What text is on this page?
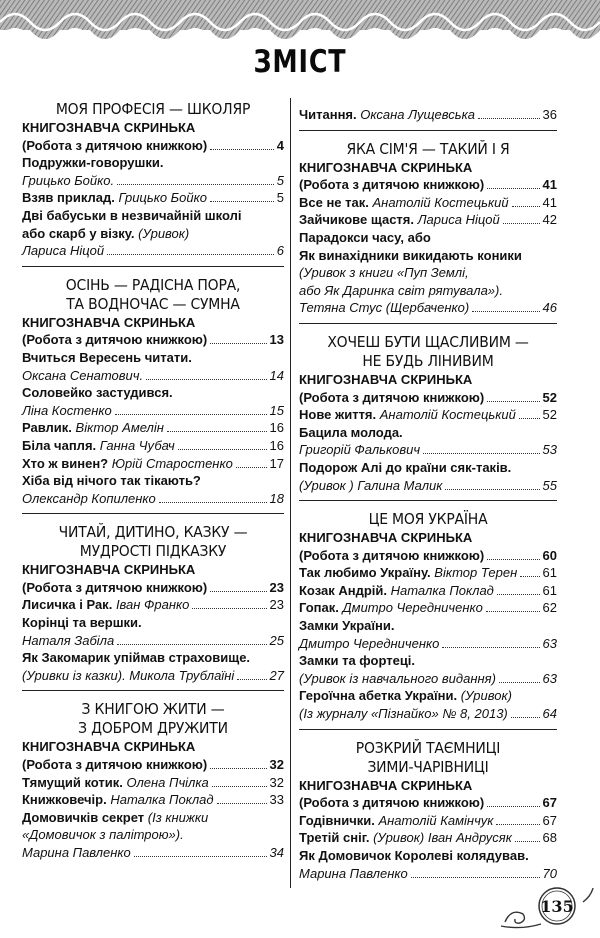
ЗМІСТ
МОЯ ПРОФЕСІЯ — ШКОЛЯР
КНИГОЗНАВЧА СКРИНЬКА
(Робота з дитячою книжкою)	4
Подружки-говорушки.
Грицько Бойко.	5
Взяв приклад.
Грицько Бойко	5
Дві бабуськи в незвичайній школі
або скарб у візку.
(Уривок)
Лариса Ніцой	6
ОСІНЬ — РАДІСНА ПОРА,
ТА ВОДНОЧАС — СУМНА
КНИГОЗНАВЧА СКРИНЬКА
(Робота з дитячою книжкою)	13
Вчиться Вересень читати.
Оксана Сенатович.	14
Соловейко застудився.
Ліна Костенко	15
Равлик.
Віктор Амелін	16
Біла чапля.
Ганна Чубач	16
Хто ж винен?
Юрій Старостенко	17
Хіба від нічого так тікають?
Олександр Копиленко	18
ЧИТАЙ, ДИТИНО, КАЗКУ —
МУДРОСТІ ПІДКАЗКУ
КНИГОЗНАВЧА СКРИНЬКА
(Робота з дитячою книжкою)	23
Лисичка і Рак.
Іван Франко	23
Корінці та вершки.
Наталя Забіла	25
Як Закомарик упіймав страховище.
(Уривки із казки). Микола Трублаїні	27
З КНИГОЮ ЖИТИ —
З ДОБРОМ ДРУЖИТИ
КНИГОЗНАВЧА СКРИНЬКА
(Робота з дитячою книжкою)	32
Тямущий котик.
Олена Пчілка	32
Книжковечір.
Наталка Поклад	33
Домовичків секрет
(Із книжки
«Домовичок з палітрою»).
Марина Павленко	34
Читання.
Оксана Лущевська	36
ЯКА СІМ'Я — ТАКИЙ І Я
КНИГОЗНАВЧА СКРИНЬКА
(Робота з дитячою книжкою)	41
Все не так.
Анатолій Костецький	41
Зайчикове щастя.
Лариса Ніцой	42
Парадокси часу, або
Як винахідники викидають коники
(Уривок з книги «Пуп Землі,
або Як Даринка світ рятувала»).
Тетяна Стус (Щербаченко)	46
ХОЧЕШ БУТИ ЩАСЛИВИМ —
НЕ БУДЬ ЛІНИВИМ
КНИГОЗНАВЧА СКРИНЬКА
(Робота з дитячою книжкою)	52
Нове життя.
Анатолій Костецький 52
Бацила молода.
Григорій Фалькович	53
Подорож Алі до країни сяк-таків.
(Уривок ) Галина Малик	55
ЦЕ МОЯ УКРАЇНА
КНИГОЗНАВЧА СКРИНЬКА
(Робота з дитячою книжкою)	60
Так любимо Україну.
Віктор Терен 61
Козак Андрій.
Наталка Поклад	61
Гопак.
Дмитро Чередниченко	62
Замки України.
Дмитро Чередниченко	63
Замки та фортеці.
(Уривок із навчального видання)	63
Героїчна абетка України.
(Уривок)
(Із журналу «Пізнайко» № 8, 2013)	64
РОЗКРИЙ ТАЄМНИЦІ
ЗИМИ-ЧАРІВНИЦІ
КНИГОЗНАВЧА СКРИНЬКА
(Робота з дитячою книжкою)	67
Годівнички.
Анатолій Камінчук	67
Третій сніг.
(Уривок) Іван Андрусяк 68
Як Домовичок Королеві колядував.
Марина Павленко	70
135
